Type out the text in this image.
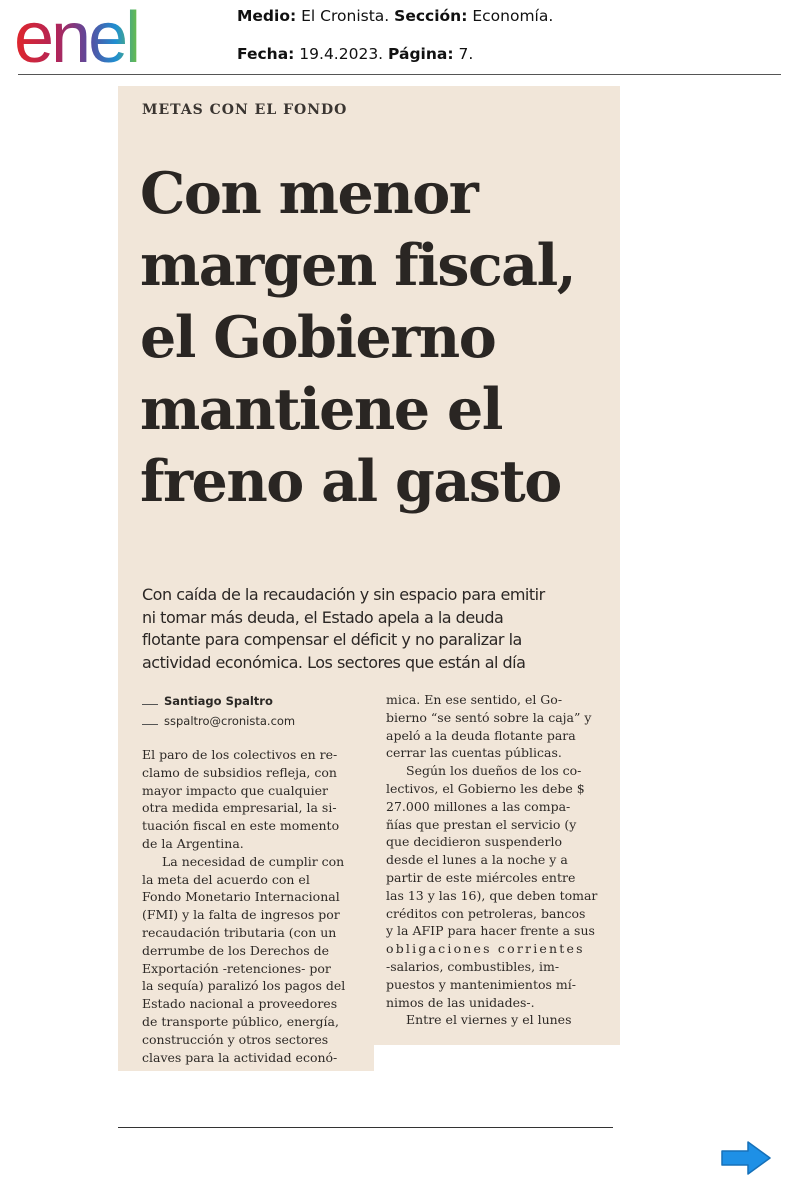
enel	Medio: El Cronista. Sección: Economía.
Fecha: 19.4.2023. Página: 7.
METAS CON EL FONDO
Con menor
margen fiscal,
el Gobierno
mantiene el
freno al gasto

Con caída de la recaudación y sin espacio para emitir
ni tomar más deuda, el Estado apela a la deuda
flotante para compensar el déficit y no paralizar la
actividad económica. Los sectores que están al día

Santiago Spaltro
sspaltro@cronista.com

El paro de los colectivos en re-
clamo de subsidios refleja, con
mayor impacto que cualquier
otra medida empresarial, la si-
tuación fiscal en este momento
de la Argentina.
La necesidad de cumplir con
la meta del acuerdo con el
Fondo Monetario Internacional
(FMI) y la falta de ingresos por
recaudación tributaria (con un
derrumbe de los Derechos de
Exportación -retenciones- por
la sequía) paralizó los pagos del
Estado nacional a proveedores
de transporte público, energía,
construcción y otros sectores
claves para la actividad econó-

mica. En ese sentido, el Go-
bierno “se sentó sobre la caja” y
apeló a la deuda flotante para
cerrar las cuentas públicas.
Según los dueños de los co-
lectivos, el Gobierno les debe $
27.000 millones a las compa-
ñías que prestan el servicio (y
que decidieron suspenderlo
desde el lunes a la noche y a
partir de este miércoles entre
las 13 y las 16), que deben tomar
créditos con petroleras, bancos
y la AFIP para hacer frente a sus
obligaciones corrientes
-salarios, combustibles, im-
puestos y mantenimientos mí-
nimos de las unidades-.
Entre el viernes y el lunes
